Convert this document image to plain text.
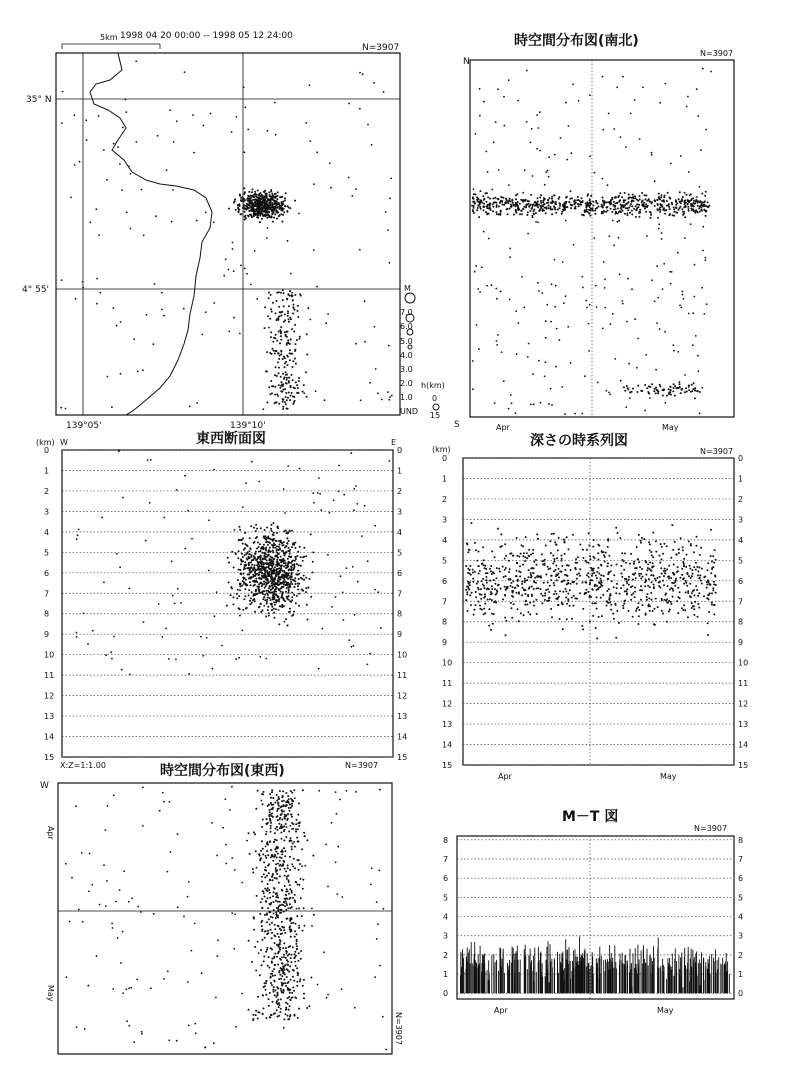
1998 04 20 00:00 -- 1998 05 12 24:00
N=3907
5km
35° N
4° 55'
139°05'	139°10'
M
7.0
6.0
5.0
4.0
3.0
2.0
1.0
UND
h(km)
0
15
時空間分布図(南北)
N=3907
N
S	Apr	May
東西断面図
(km) W	E
0	0
1	1
2	2
3	3
4	4
5	5
6	6
7	7
8	8
9	9
10	10
11	11
12	12
13	13
14	14
15	15
X:Z=1:1.00	N=3907
深さの時系列図
(km)	N=3907
0	0
1	1
2	2
3	3
4	4
5	5
6	6
7	7
8	8
9	9
10	10
11	11
12	12
13	13
14	14
15	15
Apr	May
時空間分布図(東西)
W
Apr
May
N=3907
M－T 図
N=3907
0	0
1	1
2	2
3	3
4	4
5	5
6	6
7	7
8	8
Apr	May
